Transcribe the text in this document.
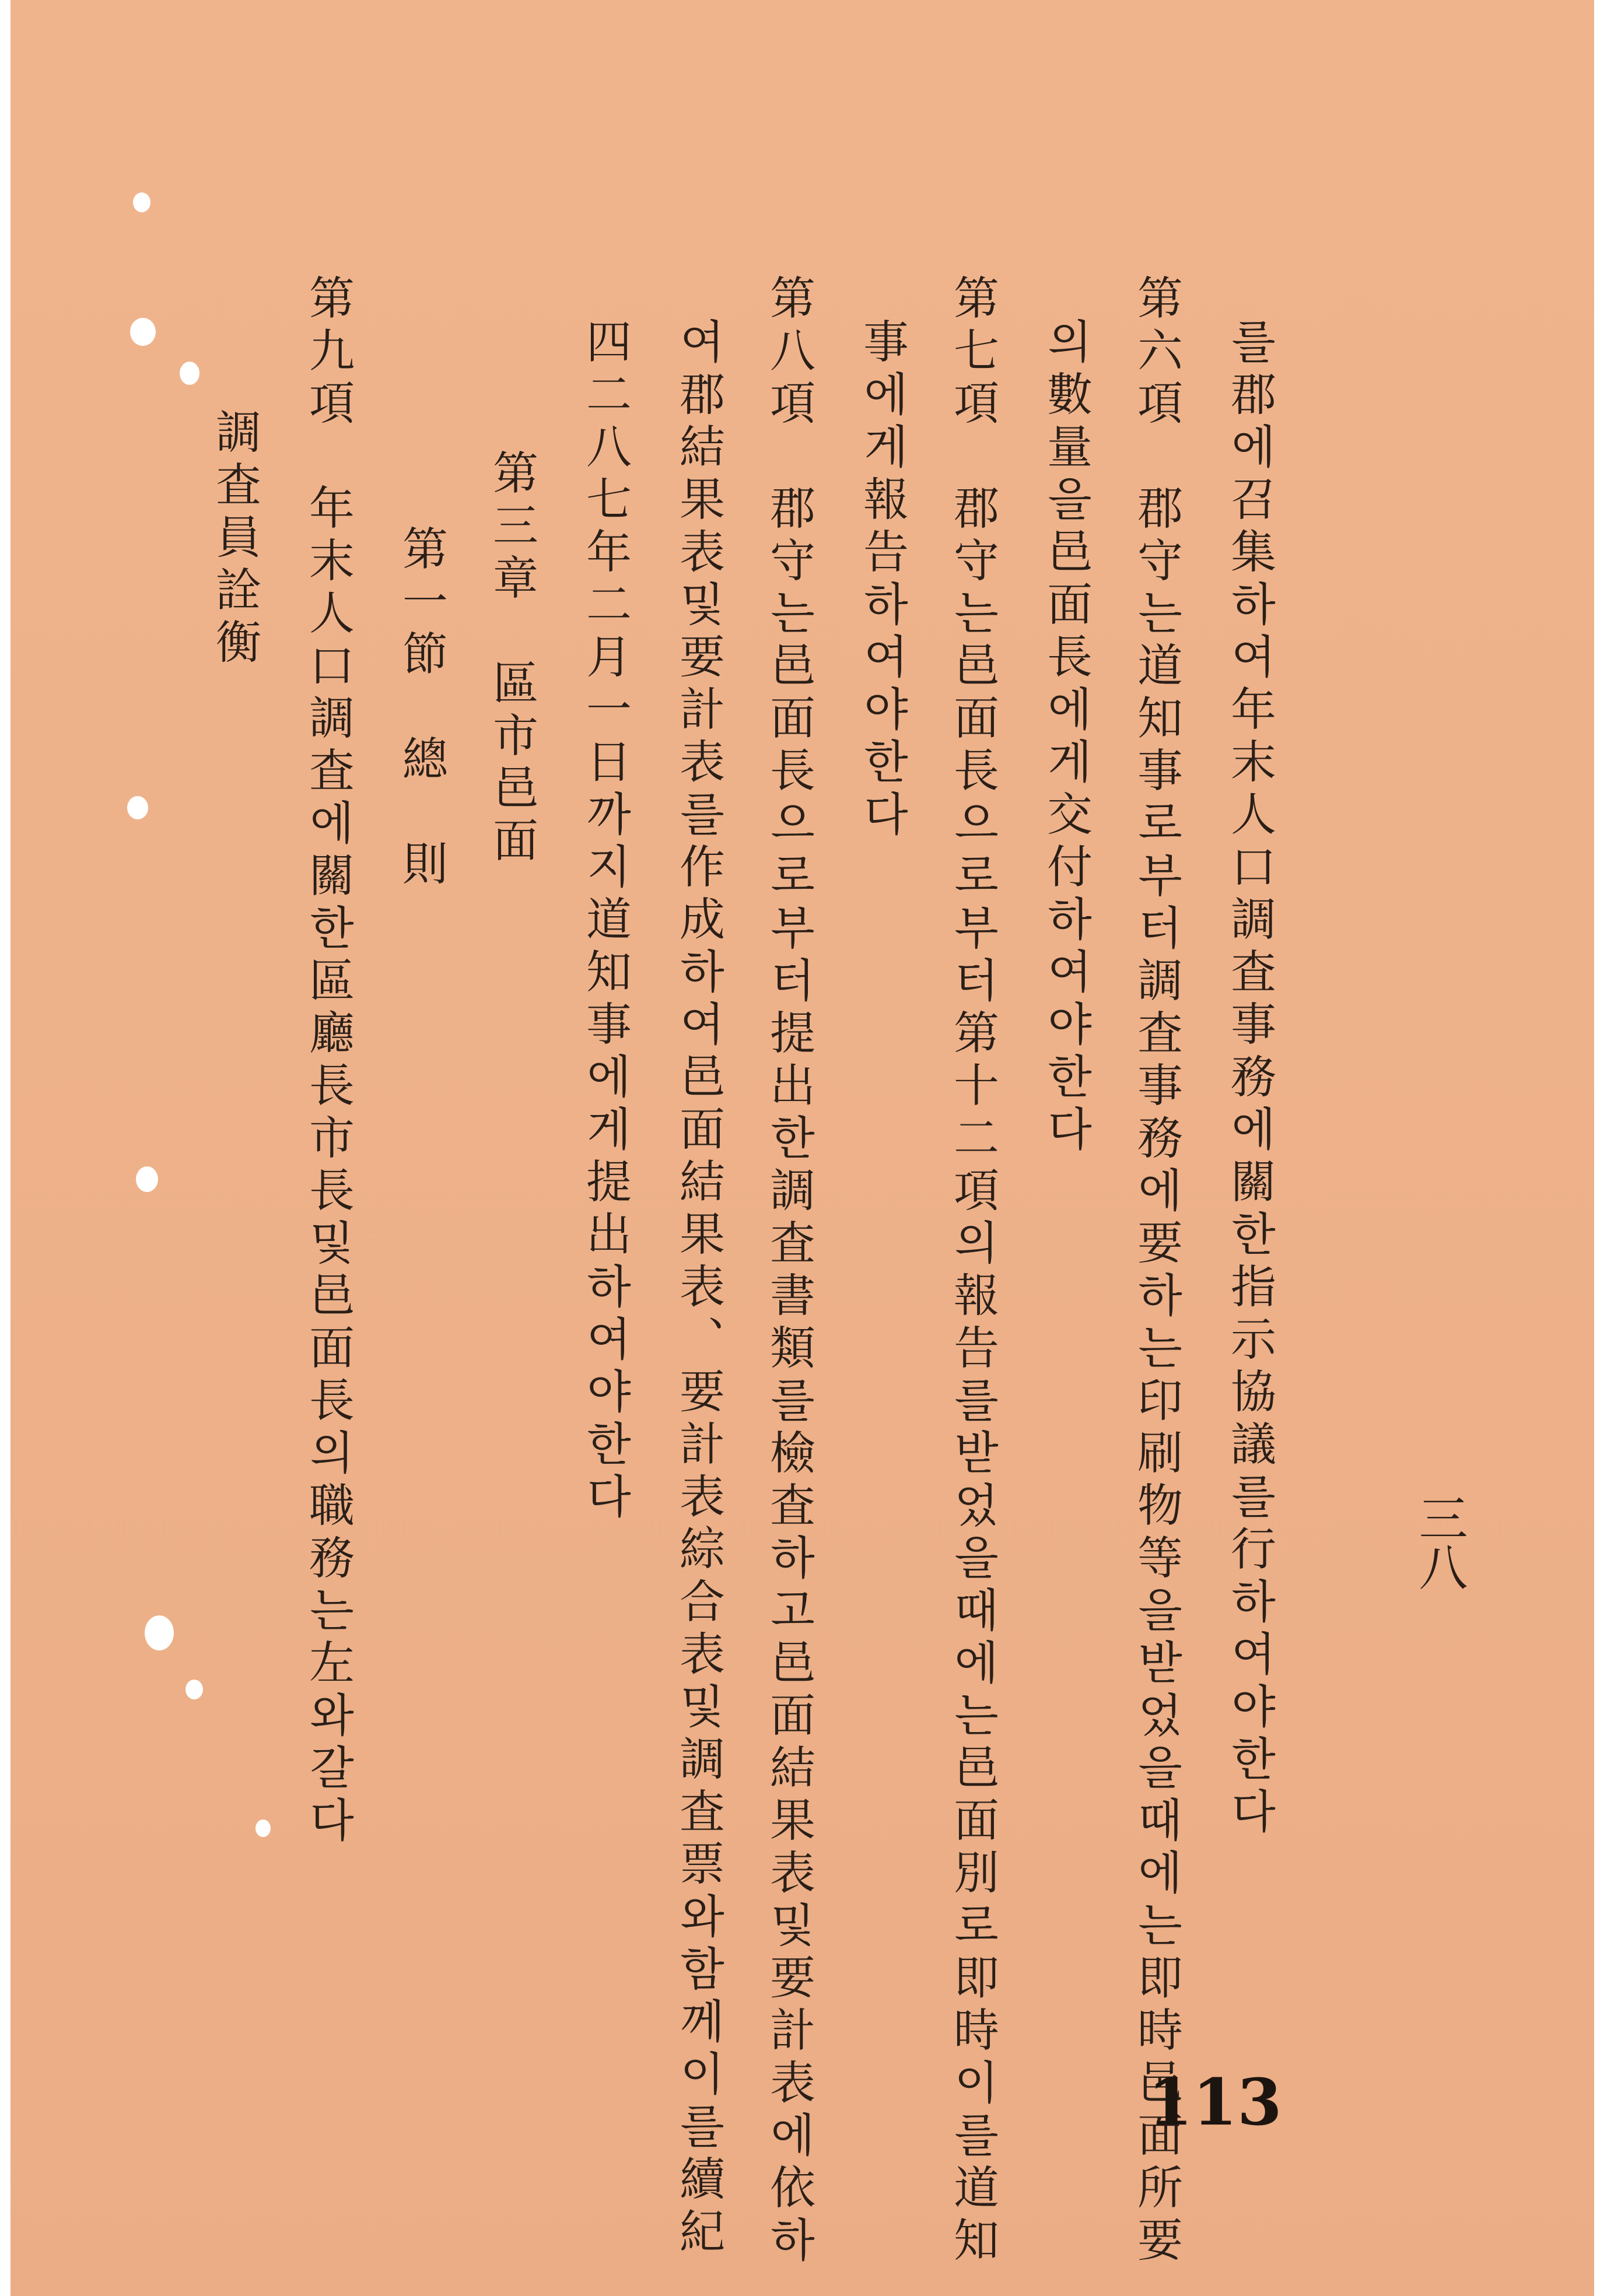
三八
를郡에召集하여年末人口調査事務에關한指示協議를行하여야한다
第六項　郡守는道知事로부터調査事務에要하는印刷物等을받었을때에는即時邑面所要
의數量을邑面長에게交付하여야한다
第七項　郡守는邑面長으로부터第十二項의報告를받었을때에는邑面別로即時이를道知
事에게報告하여야한다
第八項　郡守는邑面長으로부터提出한調査書類를檢査하고邑面結果表및要計表에依하
여郡結果表및要計表를作成하여邑面結果表、要計表綜合表및調査票와함께이를續紀
四二八七年二月一日까지道知事에게提出하여야한다
第三章　區市邑面
第一節　總　則
第九項　年末人口調査에關한區廳長市長및邑面長의職務는左와갈다
調査員詮衡
113
